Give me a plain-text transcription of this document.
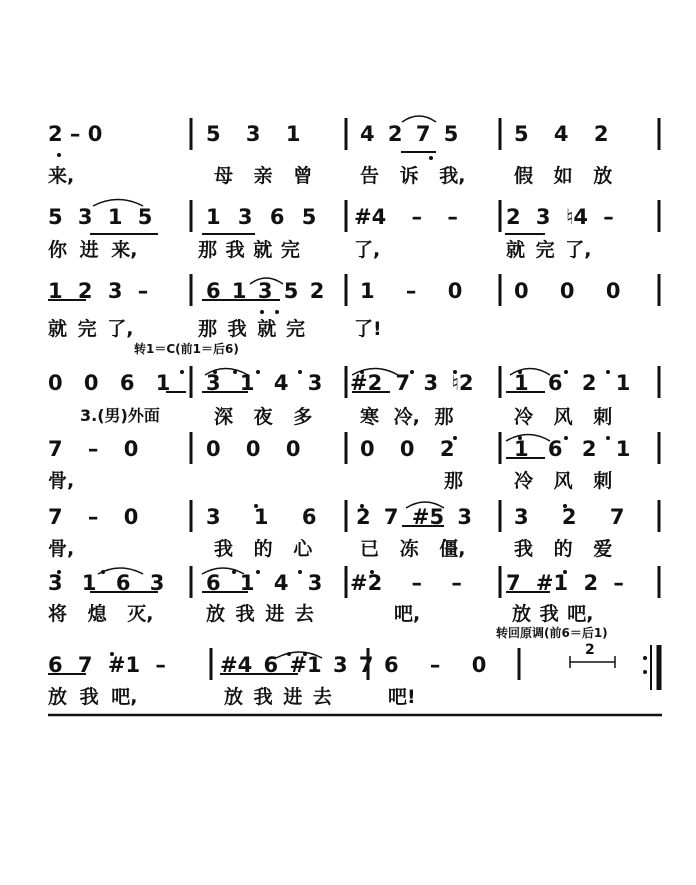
2 – 0	5 3 1	4 2 7 5	5 4 2
来,	母 亲 曾	告 诉 我,	假 如 放
5 3 1 5	1 3 6 5 #4 – – 2 3 ♮4 –
你 进 来,	那 我 就 完	了,	就 完 了,
1 2 3 –	6 1 3 5 2 1 – 0 0 0 0
就 完 了,	那 我 就 完	了!
转1＝C(前1＝后6)
0 0 6 1 3 1 4 3 #2 7 3 ♮2 1 6 2 1
3.(男)外面	深 夜 多	寒 冷, 那	冷 风 刺
7 – 0	0 0 0	0 0 2	1 6 2 1
骨,	那	冷 风 刺
7 – 0	3 1 6 2 7 #5 3 3 2 7
骨,	我 的 心	已 冻 僵,	我 的 爱
3 1 6 3 6 1 4 3 #2 – – 7 #1 2 –
将 熄 灭,	放 我 进 去	吧,	放 我 吧,
转回原调(前6＝后1)
2
6 7 #1 –	#4 6 #1 3 7 6 – 0
放 我 吧,	放 我 进 去	吧!
